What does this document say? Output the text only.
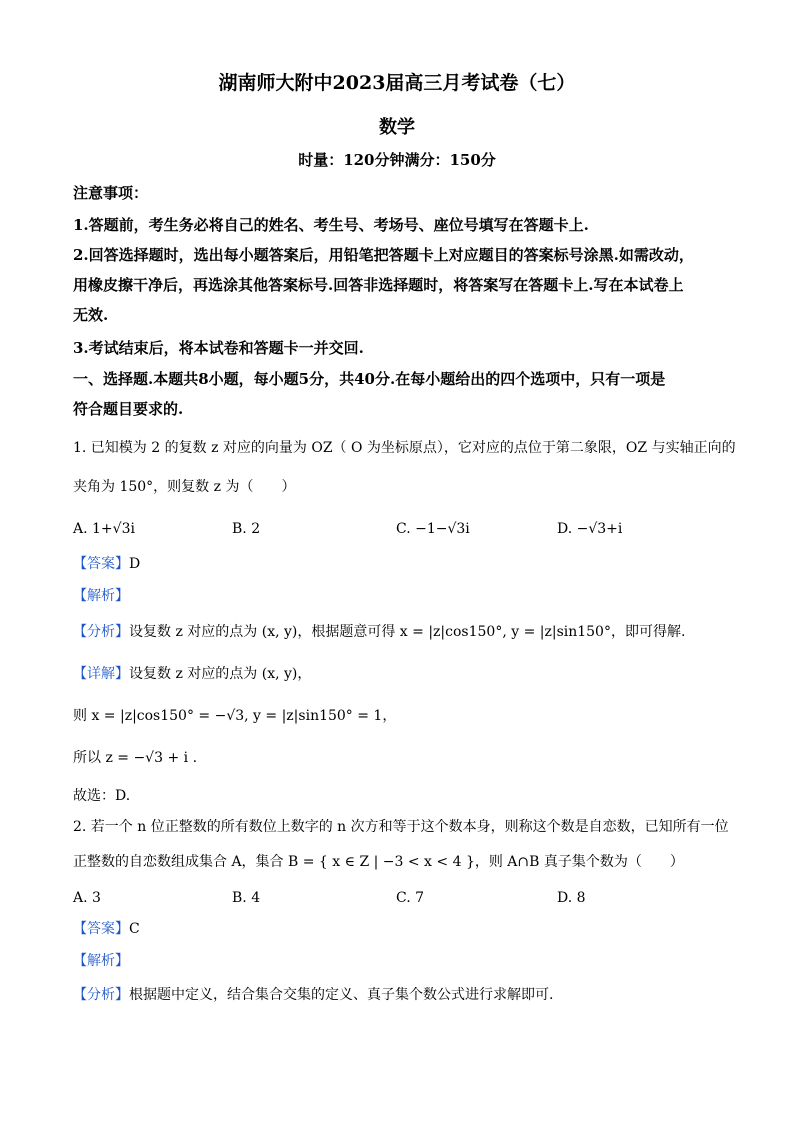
湖南师大附中2023届高三月考试卷（七）
数学
时量：120分钟满分：150分
注意事项：
1.答题前，考生务必将自己的姓名、考生号、考场号、座位号填写在答题卡上.
2.回答选择题时，选出每小题答案后，用铅笔把答题卡上对应题目的答案标号涂黑.如需改动，
用橡皮擦干净后，再选涂其他答案标号.回答非选择题时，将答案写在答题卡上.写在本试卷上
无效.
3.考试结束后，将本试卷和答题卡一并交回.
一、选择题.本题共8小题，每小题5分，共40分.在每小题给出的四个选项中，只有一项是
符合题目要求的.
1. 已知模为 2 的复数 z 对应的向量为 OZ（ O 为坐标原点），它对应的点位于第二象限，OZ 与实轴正向的
夹角为 150°，则复数 z 为（　　）
A. 1+√3i	B. 2	C. −1−√3i	D. −√3+i
【答案】D
【解析】
【分析】设复数 z 对应的点为 (x, y)，根据题意可得 x = |z|cos150°, y = |z|sin150°，即可得解.
【详解】设复数 z 对应的点为 (x, y)，
则 x = |z|cos150° = −√3, y = |z|sin150° = 1，
所以 z = −√3 + i .
故选：D.
2. 若一个 n 位正整数的所有数位上数字的 n 次方和等于这个数本身，则称这个数是自恋数，已知所有一位
正整数的自恋数组成集合 A，集合 B = { x ∈ Z | −3 < x < 4 }，则 A∩B 真子集个数为（　　）
A. 3	B. 4	C. 7	D. 8
【答案】C
【解析】
【分析】根据题中定义，结合集合交集的定义、真子集个数公式进行求解即可.
